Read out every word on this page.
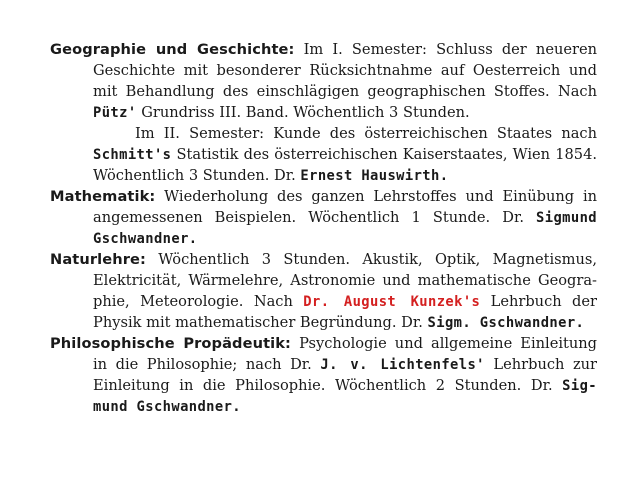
Geographie und Geschichte: Im I. Semester: Schluss der neueren
Geschichte mit besonderer Rücksichtnahme auf Oesterreich und
mit Behandlung des einschlägigen geographischen Stoffes. Nach
Pütz' Grundriss III. Band. Wöchentlich 3 Stunden.
Im II. Semester: Kunde des österreichischen Staates nach
Schmitt's Statistik des österreichischen Kaiserstaates, Wien 1854.
Wöchentlich 3 Stunden. Dr. Ernest Hauswirth.
Mathematik: Wiederholung des ganzen Lehrstoffes und Einübung in
angemessenen Beispielen. Wöchentlich 1 Stunde. Dr. Sigmund
Gschwandner.
Naturlehre: Wöchentlich 3 Stunden. Akustik, Optik, Magnetismus,
Elektricität, Wärmelehre, Astronomie und mathematische Geogra-
phie, Meteorologie. Nach Dr. August Kunzek's Lehrbuch der
Physik mit mathematischer Begründung. Dr. Sigm. Gschwandner.
Philosophische Propädeutik: Psychologie und allgemeine Einleitung
in die Philosophie; nach Dr. J. v. Lichtenfels' Lehrbuch zur
Einleitung in die Philosophie. Wöchentlich 2 Stunden. Dr. Sig-
mund Gschwandner.
